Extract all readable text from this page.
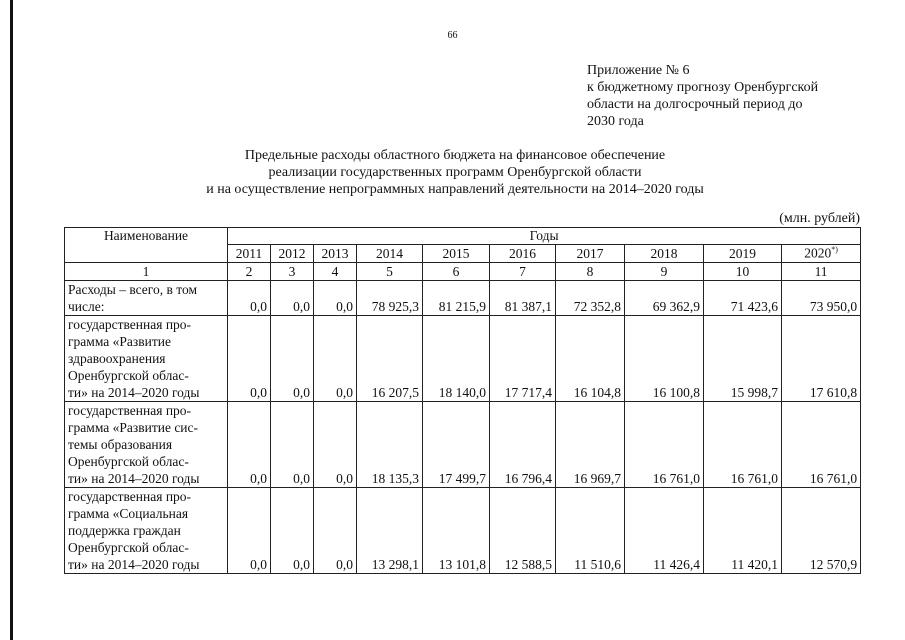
66
Приложение № 6
к бюджетному прогнозу Оренбургской
области на долгосрочный период до
2030 года
Предельные расходы областного бюджета на финансовое обеспечение
реализации государственных программ Оренбургской области
и на осуществление непрограммных направлений деятельности на 2014–2020 годы
(млн. рублей)
Наименование	Годы									
	2011	2012	2013	2014	2015	2016	2017	2018	2019	2020*)
1	2	3	4	5	6	7	8	9	10	11

Расходы – всего, в том
числе:	0,0	0,0	0,0	78 925,3	81 215,9	81 387,1	72 352,8	69 362,9	71 423,6	73 950,0

государственная про-
грамма «Развитие
здравоохранения
Оренбургской облас-
ти» на 2014–2020 годы	0,0	0,0	0,0	16 207,5	18 140,0	17 717,4	16 104,8	16 100,8	15 998,7	17 610,8

государственная про-
грамма «Развитие сис-
темы образования
Оренбургской облас-
ти» на 2014–2020 годы	0,0	0,0	0,0	18 135,3	17 499,7	16 796,4	16 969,7	16 761,0	16 761,0	16 761,0

государственная про-
грамма «Социальная
поддержка граждан
Оренбургской облас-
ти» на 2014–2020 годы	0,0	0,0	0,0	13 298,1	13 101,8	12 588,5	11 510,6	11 426,4	11 420,1	12 570,9
